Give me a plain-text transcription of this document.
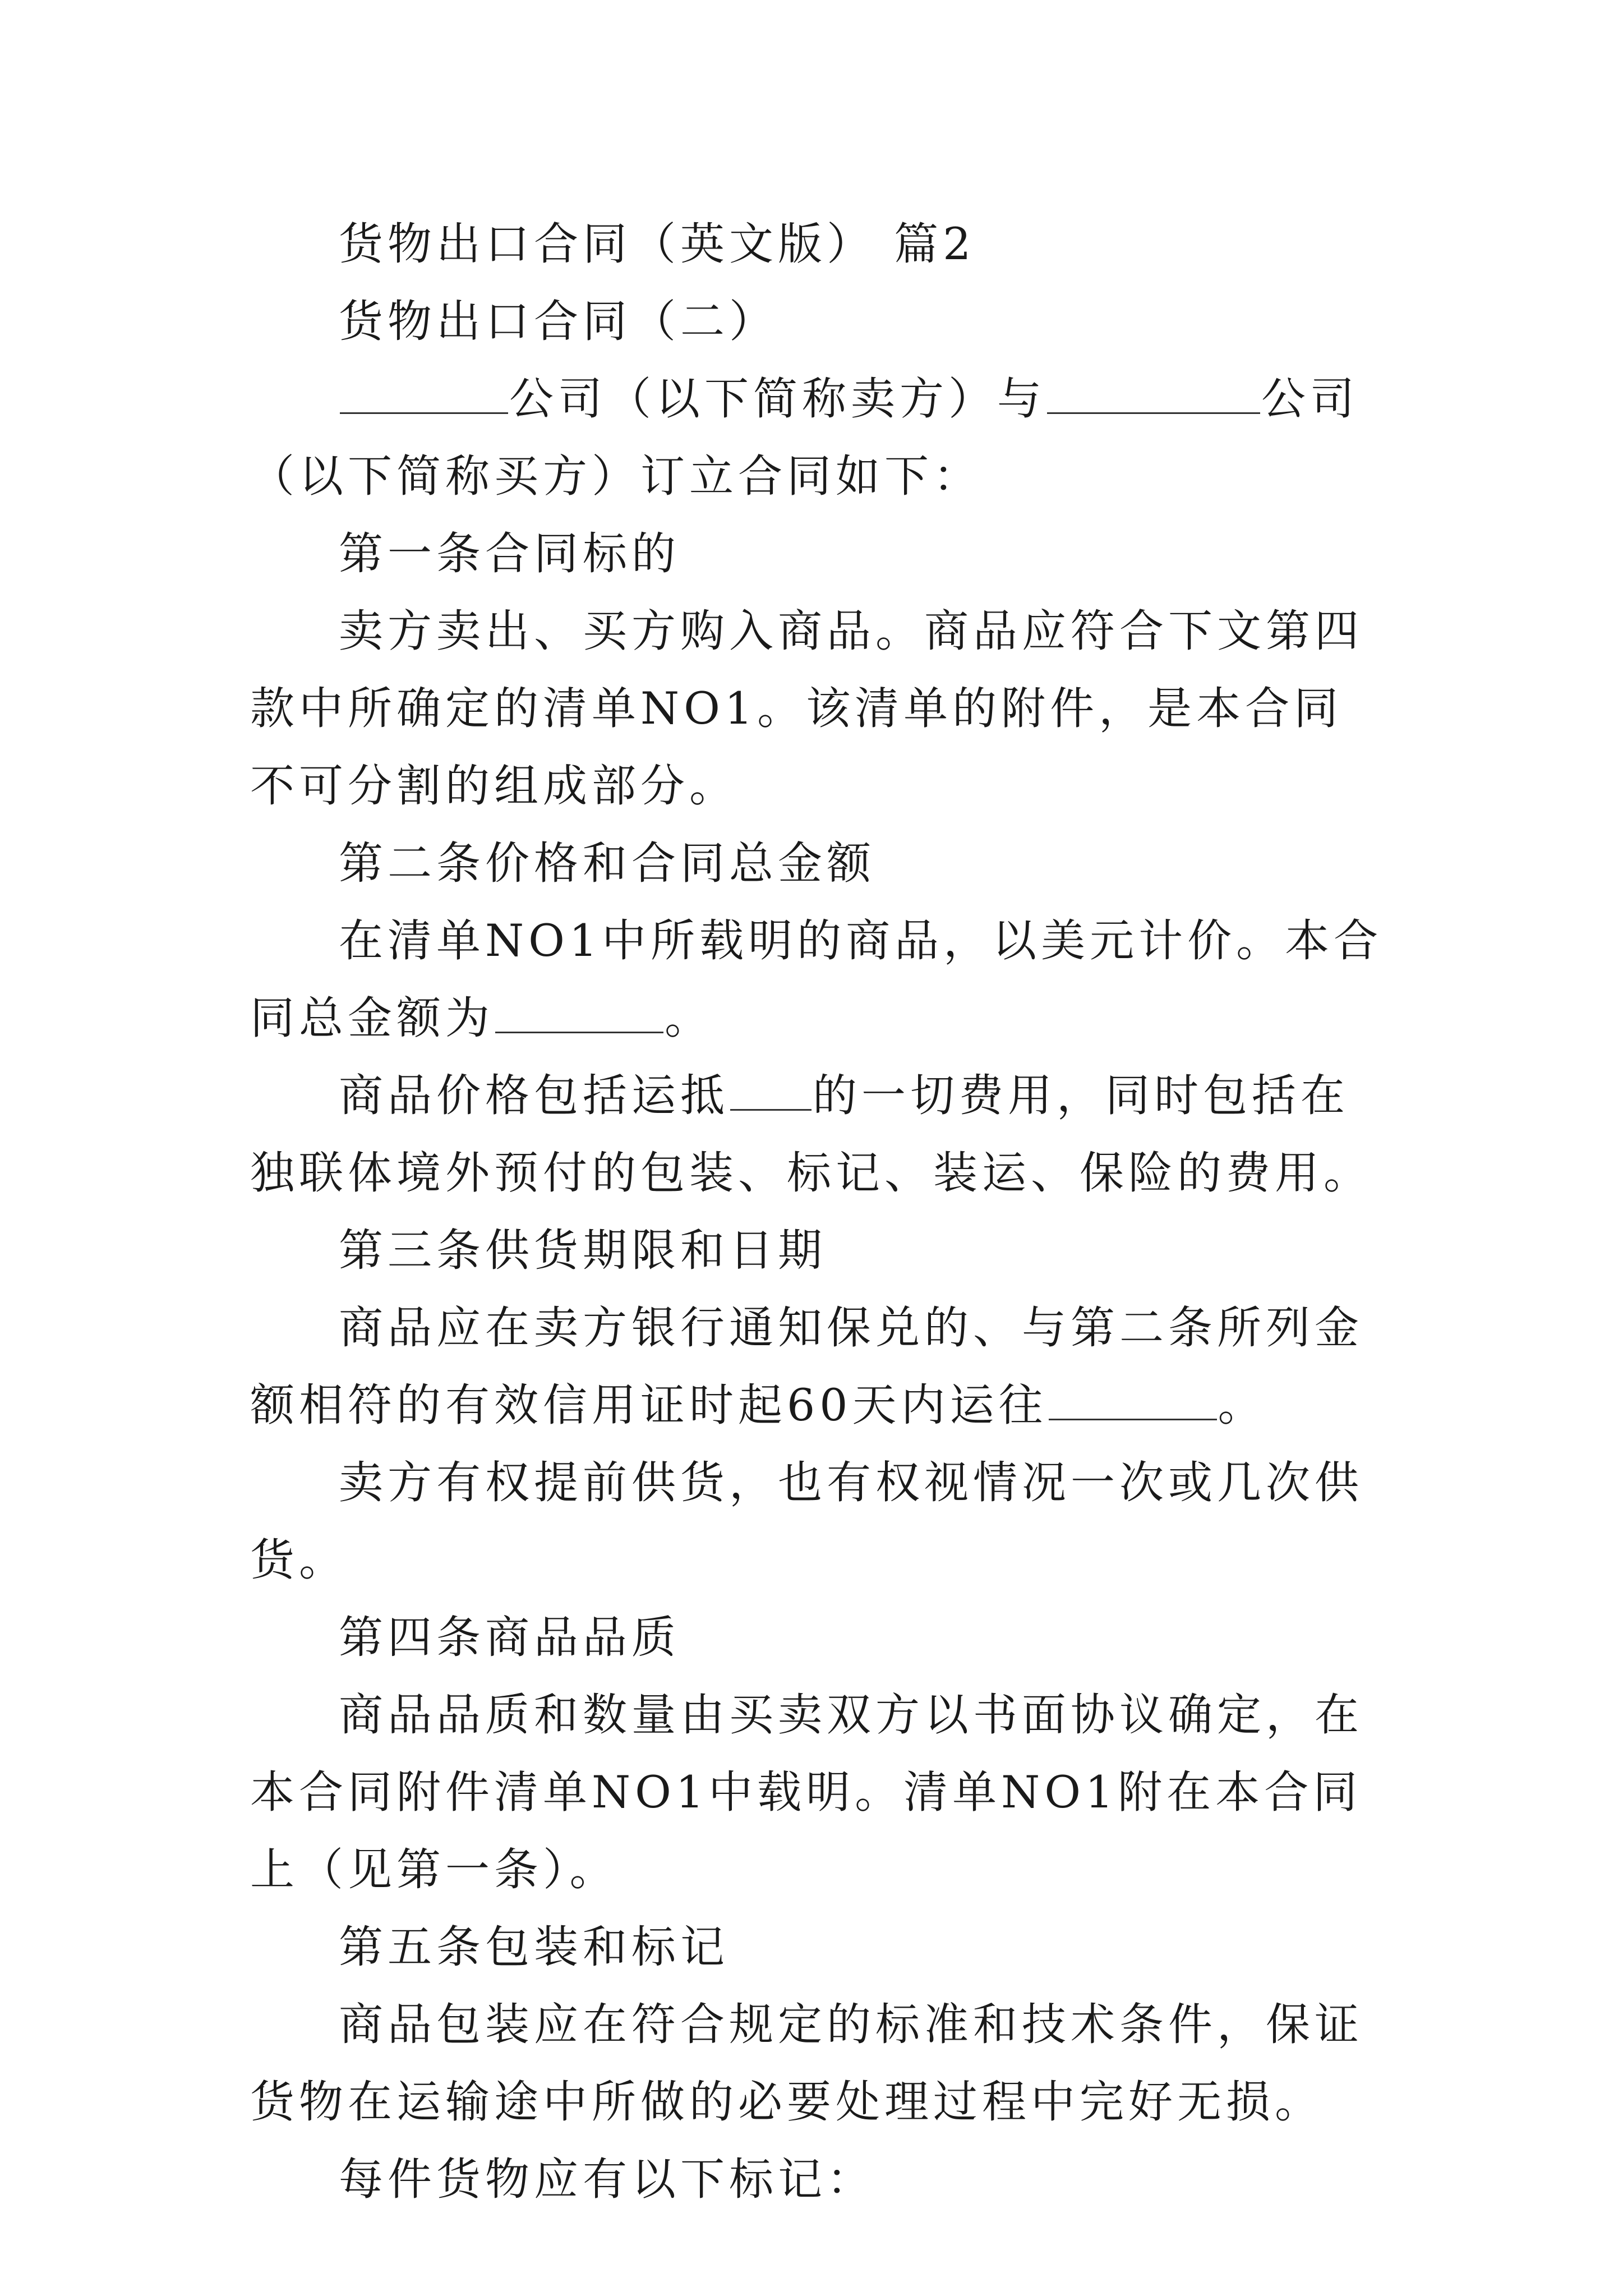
货物出口合同（英文版） 篇2

货物出口合同（二）

公司（以下简称卖方）与	公司（以下简称买方）订立合同如下：

第一条合同标的

卖方卖出、买方购入商品。商品应符合下文第四款中所确定的清单NO1。该清单的附件，是本合同不可分割的组成部分。

第二条价格和合同总金额

在清单NO1中所载明的商品，以美元计价。本合同总金额为	。

商品价格包括运抵 的一切费用，同时包括在独联体境外预付的包装、标记、装运、保险的费用。

第三条供货期限和日期

商品应在卖方银行通知保兑的、与第二条所列金额相符的有效信用证时起60天内运往	。

卖方有权提前供货，也有权视情况一次或几次供货。

第四条商品品质

商品品质和数量由买卖双方以书面协议确定，在本合同附件清单NO1中载明。清单NO1附在本合同上（见第一条）。

第五条包装和标记

商品包装应在符合规定的标准和技术条件，保证货物在运输途中所做的必要处理过程中完好无损。

每件货物应有以下标记：
